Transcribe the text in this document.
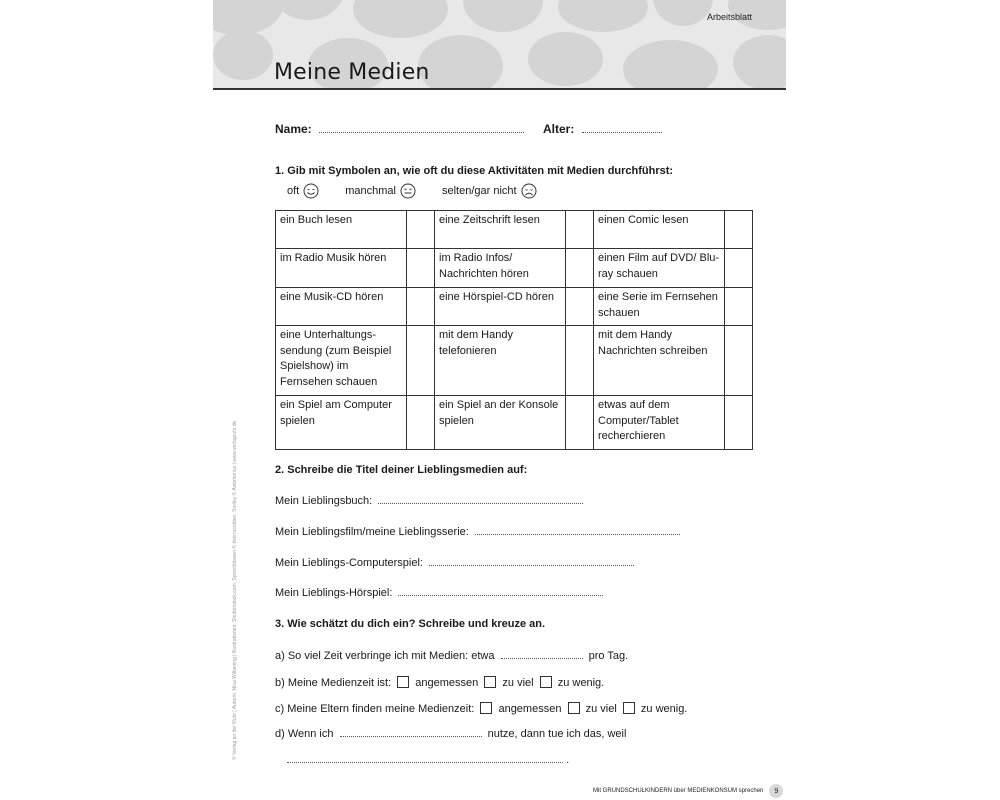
Arbeitsblatt
Meine Medien
Name:	Alter:
1. Gib mit Symbolen an, wie oft du diese Aktivitäten mit Medien durchführst:
oft	manchmal	selten/gar nicht
ein Buch lesen		eine Zeitschrift lesen		einen Comic lesen	
im Radio Musik hören		im Radio Infos/ Nachrichten hören		einen Film auf DVD/ Blu-ray schauen	
eine Musik-CD hören		eine Hörspiel-CD hören		eine Serie im Fernsehen schauen	
eine Unterhaltungs-sendung (zum Beispiel Spielshow) im Fernsehen schauen		mit dem Handy telefonieren		mit dem Handy Nachrichten schreiben	
ein Spiel am Computer spielen		ein Spiel an der Konsole spielen		etwas auf dem Computer/Tablet recherchieren	
2. Schreibe die Titel deiner Lieblingsmedien auf:
Mein Lieblingsbuch:
Mein Lieblingsfilm/meine Lieblingsserie:
Mein Lieblings-Computerspiel:
Mein Lieblings-Hörspiel:
3. Wie schätzt du dich ein? Schreibe und kreuze an.
a) So viel Zeit verbringe ich mit Medien: etwa	pro Tag.
b) Meine Medienzeit ist: angemessen zu viel zu wenig.
c) Meine Eltern finden meine Medienzeit: angemessen zu viel zu wenig.
d) Wenn ich	nutze, dann tue ich das, weil
.
Mit GRUNDSCHULKINDERN über MEDIENKONSUM sprechen	9
© Verlag an der Ruhr | Autorin: Nina Wilkening | Illustrationen: Shutterstock.com, Sprechblasen © tiverrocobber, Smiley © Aistehorius | www.verlagruhr.de
